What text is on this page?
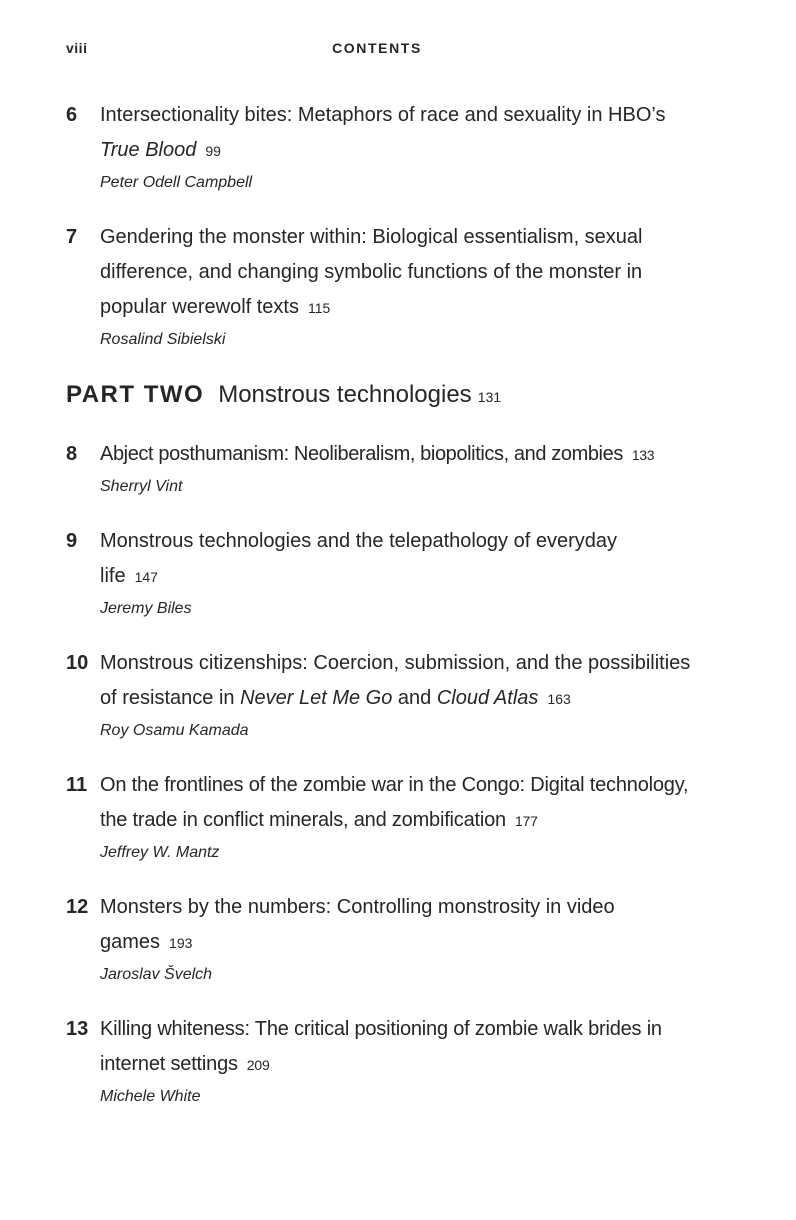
viii	CONTENTS
6 Intersectionality bites: Metaphors of race and sexuality in HBO’s True Blood 99

Peter Odell Campbell
7 Gendering the monster within: Biological essentialism, sexual difference, and changing symbolic functions of the monster in popular werewolf texts 115

Rosalind Sibielski
PART TWO Monstrous technologies 131
8 Abject posthumanism: Neoliberalism, biopolitics, and zombies 133

Sherryl Vint
9 Monstrous technologies and the telepathology of everyday life 147

Jeremy Biles
10 Monstrous citizenships: Coercion, submission, and the possibilities of resistance in Never Let Me Go and Cloud Atlas 163

Roy Osamu Kamada
11 On the frontlines of the zombie war in the Congo: Digital technology, the trade in conflict minerals, and zombification 177

Jeffrey W. Mantz
12 Monsters by the numbers: Controlling monstrosity in video games 193

Jaroslav Švelch
13 Killing whiteness: The critical positioning of zombie walk brides in internet settings 209

Michele White
